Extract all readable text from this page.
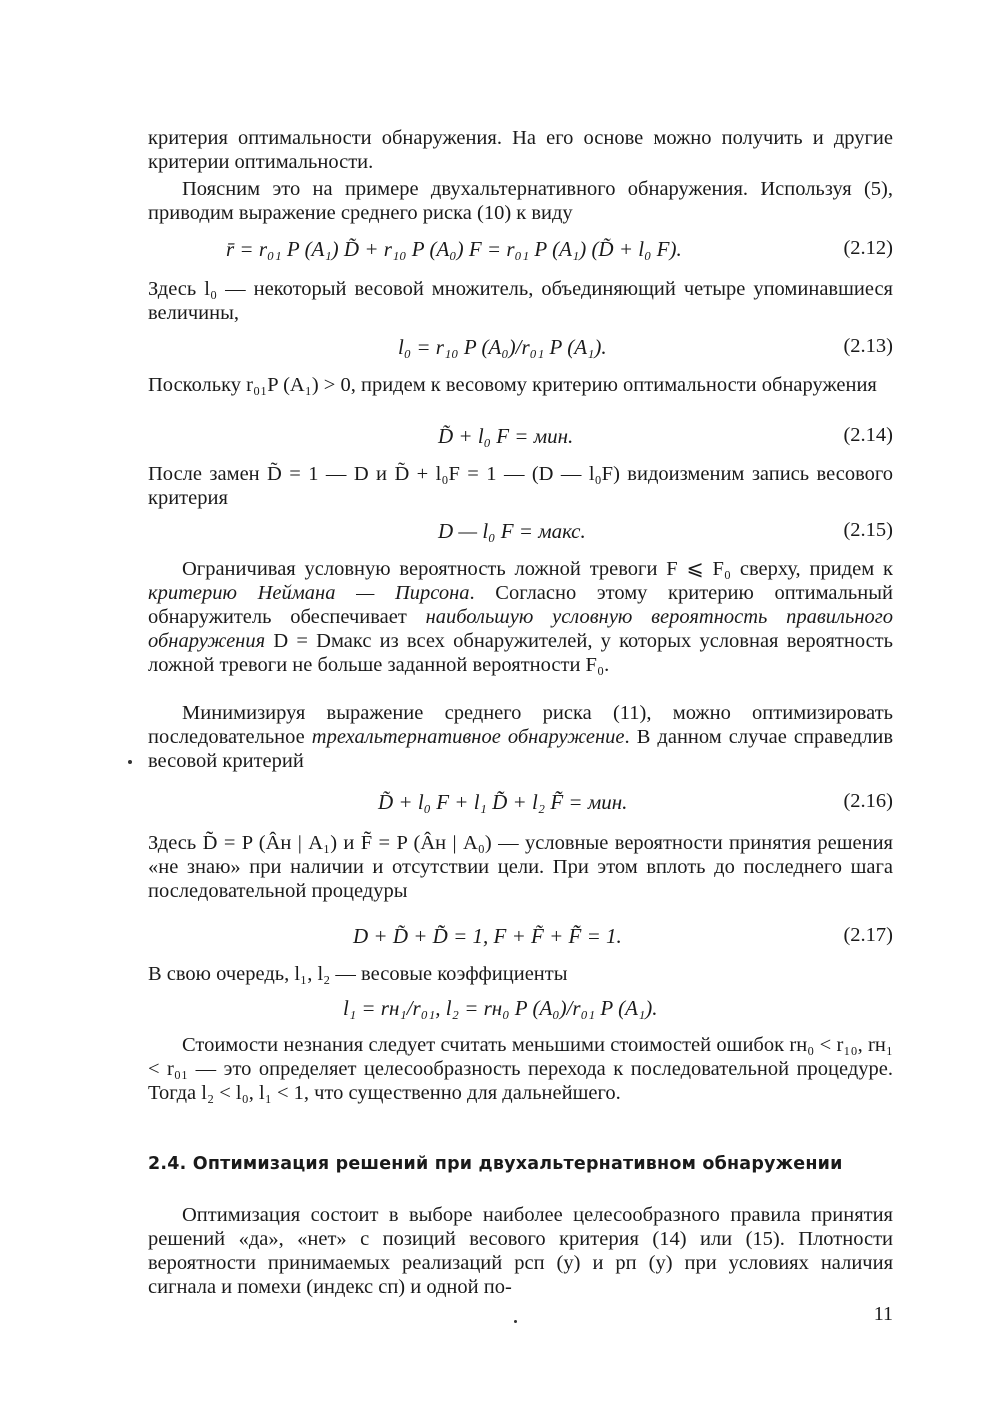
критерия оптимальности обнаружения. На его основе можно получить и другие критерии оптимальности.
Поясним это на примере двухальтернативного обнаружения. Используя (5), приводим выражение среднего риска (10) к виду
r̄ = r₀₁ P (A₁) D̃ + r₁₀ P (A₀) F = r₀₁ P (A₁) (D̃ + l₀ F).	(2.12)
Здесь l₀ — некоторый весовой множитель, объединяющий четыре упоминавшиеся величины,
l₀ = r₁₀ P (A₀)/r₀₁ P (A₁).	(2.13)
Поскольку r₀₁P (A₁) > 0, придем к весовому критерию оптимальности обнаружения
D̃ + l₀ F = мин.	(2.14)
После замен D̃ = 1 — D и D̃ + l₀F = 1 — (D — l₀F) видоизменим запись весового критерия
D — l₀ F = макс.	(2.15)
Ограничивая условную вероятность ложной тревоги F ⩽ F₀ сверху, придем к критерию Неймана — Пирсона. Согласно этому критерию оптимальный обнаружитель обеспечивает наибольшую условную вероятность правильного обнаружения D = Dмакс из всех обнаружителей, у которых условная вероятность ложной тревоги не больше заданной вероятности F₀.
Минимизируя выражение среднего риска (11), можно оптимизировать последовательное трехальтернативное обнаружение. В данном случае справедлив весовой критерий
D̃ + l₀ F + l₁ D̃̃ + l₂ F̃̃ = мин.	(2.16)
Здесь D̃̃ = P (Âн | A₁) и F̃̃ = P (Âн | A₀) — условные вероятности принятия решения «не знаю» при наличии и отсутствии цели. При этом вплоть до последнего шага последовательной процедуры
D + D̃ + D̃̃ = 1, F + F̃ + F̃̃ = 1.	(2.17)
В свою очередь, l₁, l₂ — весовые коэффициенты
l₁ = rн₁/r₀₁, l₂ = rн₀ P (A₀)/r₀₁ P (A₁).
Стоимости незнания следует считать меньшими стоимостей ошибок rн₀ < r₁₀, rн₁ < r₀₁ — это определяет целесообразность перехода к последовательной процедуре. Тогда l₂ < l₀, l₁ < 1, что существенно для дальнейшего.
2.4. Оптимизация решений при двухальтернативном обнаружении
Оптимизация состоит в выборе наиболее целесообразного правила принятия решений «да», «нет» с позиций весового критерия (14) или (15). Плотности вероятности принимаемых реализаций pсп (y) и pп (y) при условиях наличия сигнала и помехи (индекс сп) и одной по-
11
